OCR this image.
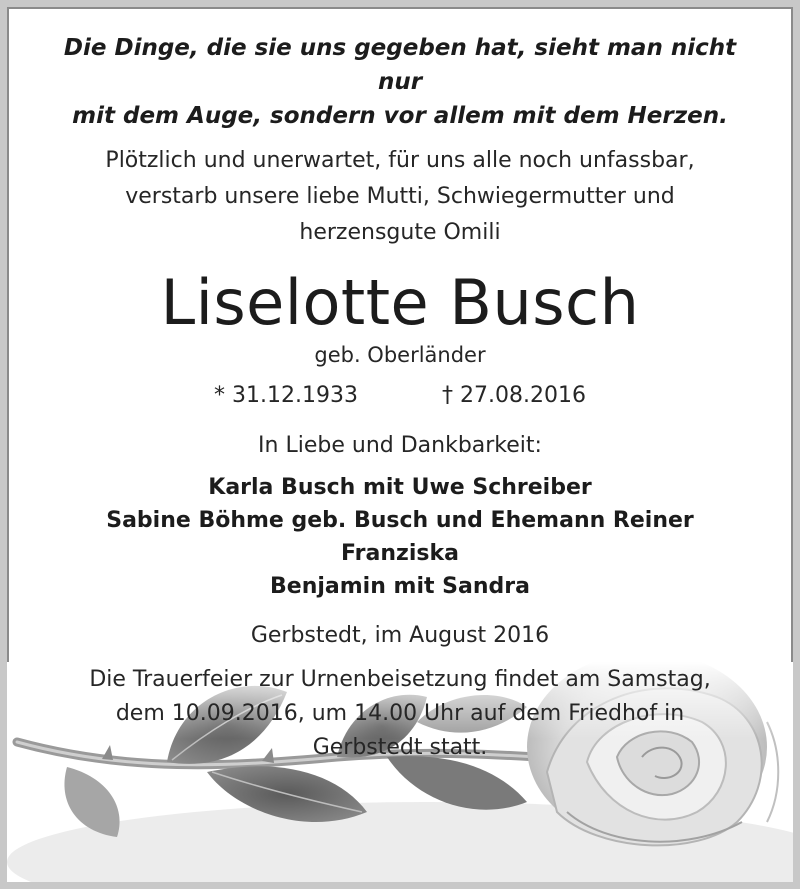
Die Dinge, die sie uns gegeben hat, sieht man nicht nur
mit dem Auge, sondern vor allem mit dem Herzen.
Plötzlich und unerwartet, für uns alle noch unfassbar,
verstarb unsere liebe Mutti, Schwiegermutter und
herzensgute Omili
Liselotte Busch
geb. Oberländer
* 31.12.1933	† 27.08.2016
In Liebe und Dankbarkeit:
Karla Busch mit Uwe Schreiber
Sabine Böhme geb. Busch und Ehemann Reiner
Franziska
Benjamin mit Sandra
Gerbstedt, im August 2016
Die Trauerfeier zur Urnenbeisetzung findet am Samstag,
dem 10.09.2016, um 14.00 Uhr auf dem Friedhof in
Gerbstedt statt.
